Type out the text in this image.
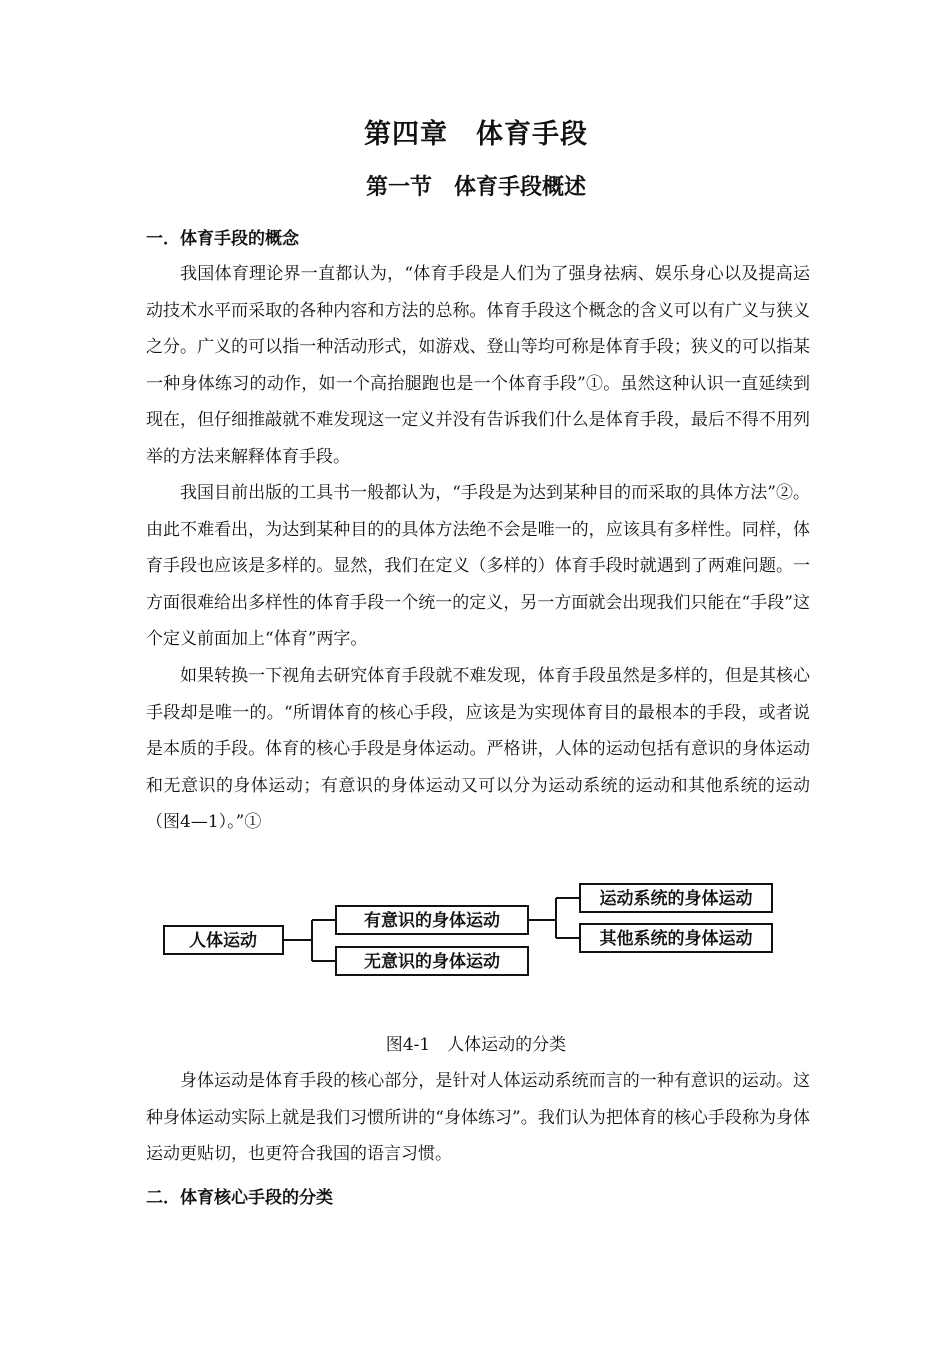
第四章　体育手段
第一节　体育手段概述
一．体育手段的概念

我国体育理论界一直都认为，“体育手段是人们为了强身祛病、娱乐身心以及提高运动技术水平而采取的各种内容和方法的总称。体育手段这个概念的含义可以有广义与狭义之分。广义的可以指一种活动形式，如游戏、登山等均可称是体育手段；狭义的可以指某一种身体练习的动作，如一个高抬腿跑也是一个体育手段”①。虽然这种认识一直延续到现在，但仔细推敲就不难发现这一定义并没有告诉我们什么是体育手段，最后不得不用列举的方法来解释体育手段。

我国目前出版的工具书一般都认为，“手段是为达到某种目的而采取的具体方法”②。由此不难看出，为达到某种目的的具体方法绝不会是唯一的，应该具有多样性。同样，体育手段也应该是多样的。显然，我们在定义（多样的）体育手段时就遇到了两难问题。一方面很难给出多样性的体育手段一个统一的定义，另一方面就会出现我们只能在“手段”这个定义前面加上“体育”两字。

如果转换一下视角去研究体育手段就不难发现，体育手段虽然是多样的，但是其核心手段却是唯一的。“所谓体育的核心手段，应该是为实现体育目的最根本的手段，或者说是本质的手段。体育的核心手段是身体运动。严格讲，人体的运动包括有意识的身体运动和无意识的身体运动；有意识的身体运动又可以分为运动系统的运动和其他系统的运动（图4—1）。”①

人体运动
有意识的身体运动
无意识的身体运动
运动系统的身体运动
其他系统的身体运动
图4-1　人体运动的分类

身体运动是体育手段的核心部分，是针对人体运动系统而言的一种有意识的运动。这种身体运动实际上就是我们习惯所讲的“身体练习”。我们认为把体育的核心手段称为身体运动更贴切，也更符合我国的语言习惯。

二．体育核心手段的分类
